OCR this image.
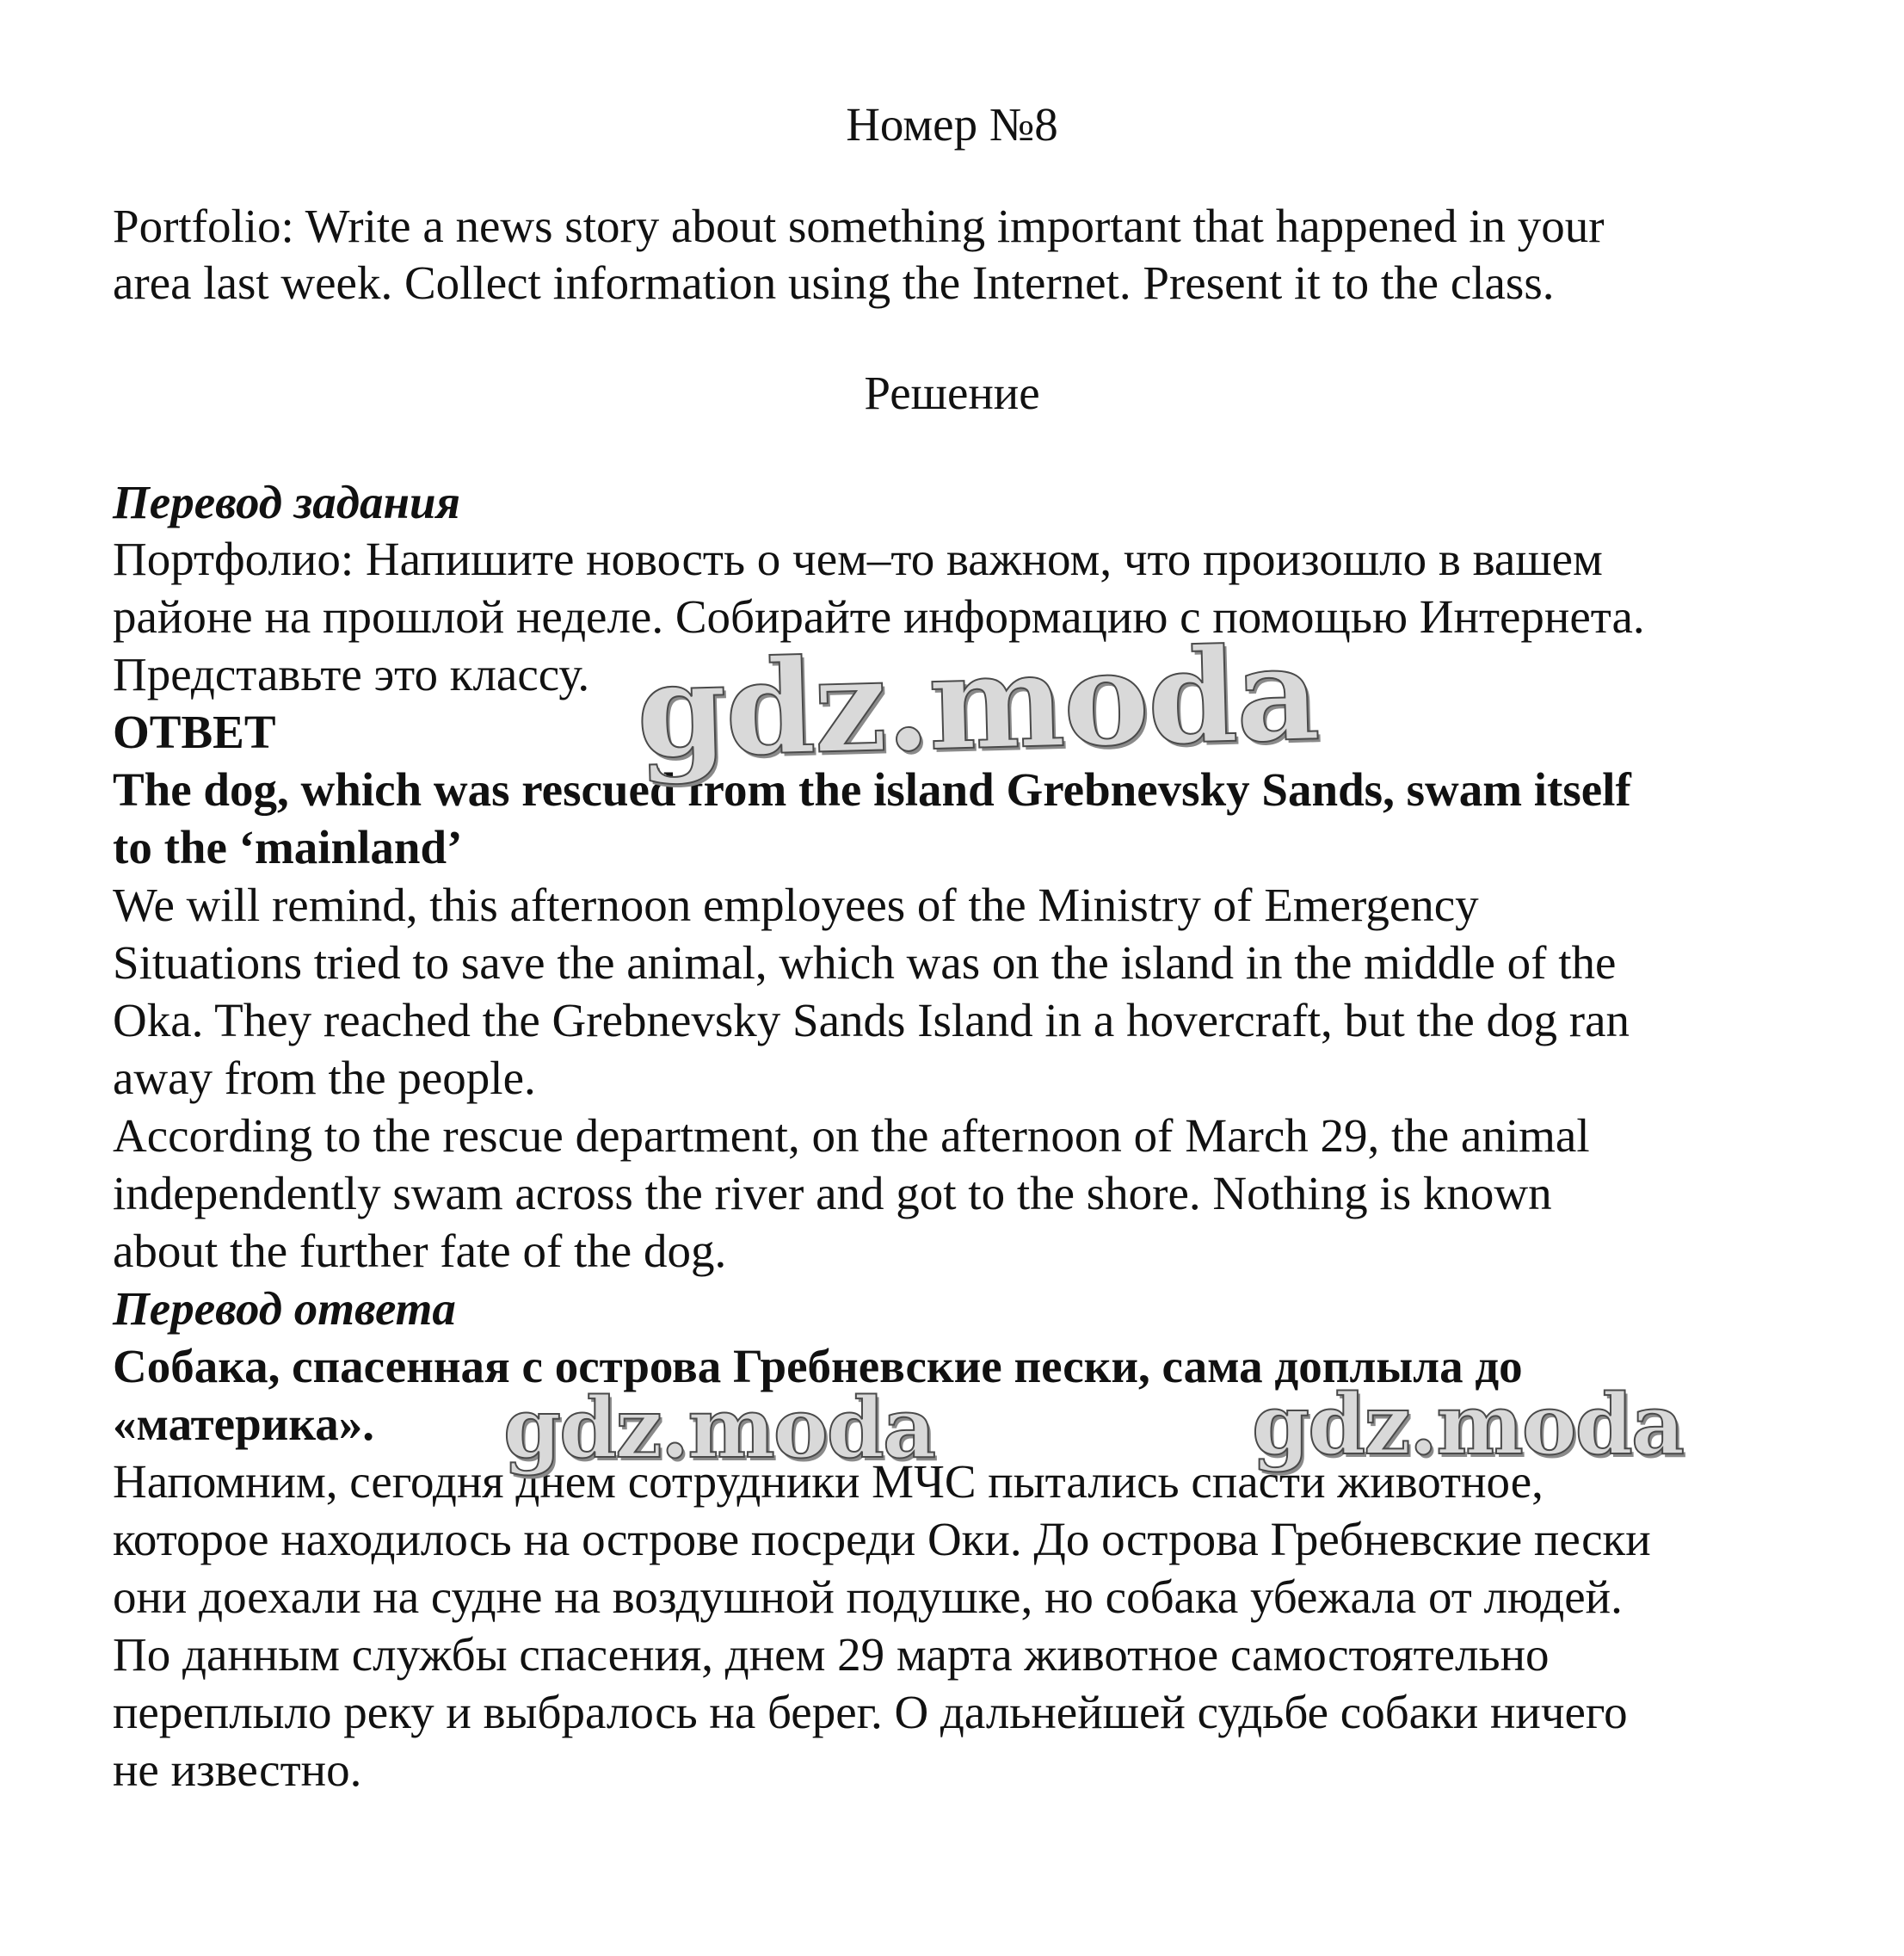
Номер №8
Portfolio: Write a news story about something important that happened in your
area last week. Collect information using the Internet. Present it to the class.
Решение
Перевод задания
Портфолио: Напишите новость о чем–то важном, что произошло в вашем
районе на прошлой неделе. Собирайте информацию с помощью Интернета.
Представьте это классу.
ОТВЕТ
The dog, which was rescued from the island Grebnevsky Sands, swam itself
to the ‘mainland’
We will remind, this afternoon employees of the Ministry of Emergency
Situations tried to save the animal, which was on the island in the middle of the
Oka. They reached the Grebnevsky Sands Island in a hovercraft, but the dog ran
away from the people.
According to the rescue department, on the afternoon of March 29, the animal
independently swam across the river and got to the shore. Nothing is known
about the further fate of the dog.
Перевод ответа
Собака, спасенная с острова Гребневские пески, сама доплыла до
«материка».
Напомним, сегодня днем сотрудники МЧС пытались спасти животное,
которое находилось на острове посреди Оки. До острова Гребневские пески
они доехали на судне на воздушной подушке, но собака убежала от людей.
По данным службы спасения, днем 29 марта животное самостоятельно
переплыло реку и выбралось на берег. О дальнейшей судьбе собаки ничего
не известно.
gdz.moda
gdz.moda	gdz.moda
